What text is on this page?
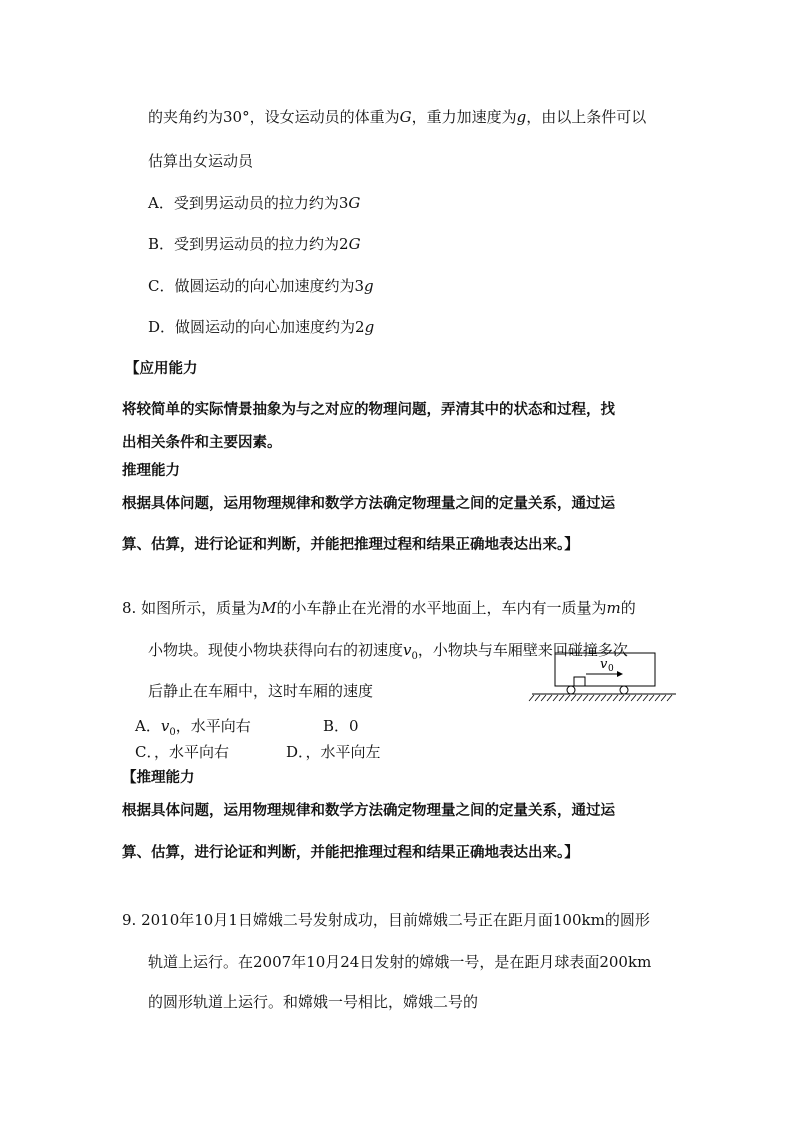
的夹角约为30°，设女运动员的体重为G，重力加速度为g，由以上条件可以
估算出女运动员
A．受到男运动员的拉力约为3G
B．受到男运动员的拉力约为2G
C．做圆运动的向心加速度约为3g
D．做圆运动的向心加速度约为2g
【应用能力
将较简单的实际情景抽象为与之对应的物理问题，弄清其中的状态和过程，找
出相关条件和主要因素。
推理能力
根据具体问题，运用物理规律和数学方法确定物理量之间的定量关系，通过运
算、估算，进行论证和判断，并能把推理过程和结果正确地表达出来。】
8. 如图所示，质量为M的小车静止在光滑的水平地面上，车内有一质量为m的
小物块。现使小物块获得向右的初速度$v_0$，小物块与车厢壁来回碰撞多次
后静止在车厢中，这时车厢的速度
v 0
A．$v_0$，水平向右	B．0
C．，水平向右	D．，水平向左
【推理能力
根据具体问题，运用物理规律和数学方法确定物理量之间的定量关系，通过运
算、估算，进行论证和判断，并能把推理过程和结果正确地表达出来。】
9. 2010年10月1日嫦娥二号发射成功，目前嫦娥二号正在距月面100km的圆形
轨道上运行。在2007年10月24日发射的嫦娥一号，是在距月球表面200km
的圆形轨道上运行。和嫦娥一号相比，嫦娥二号的
